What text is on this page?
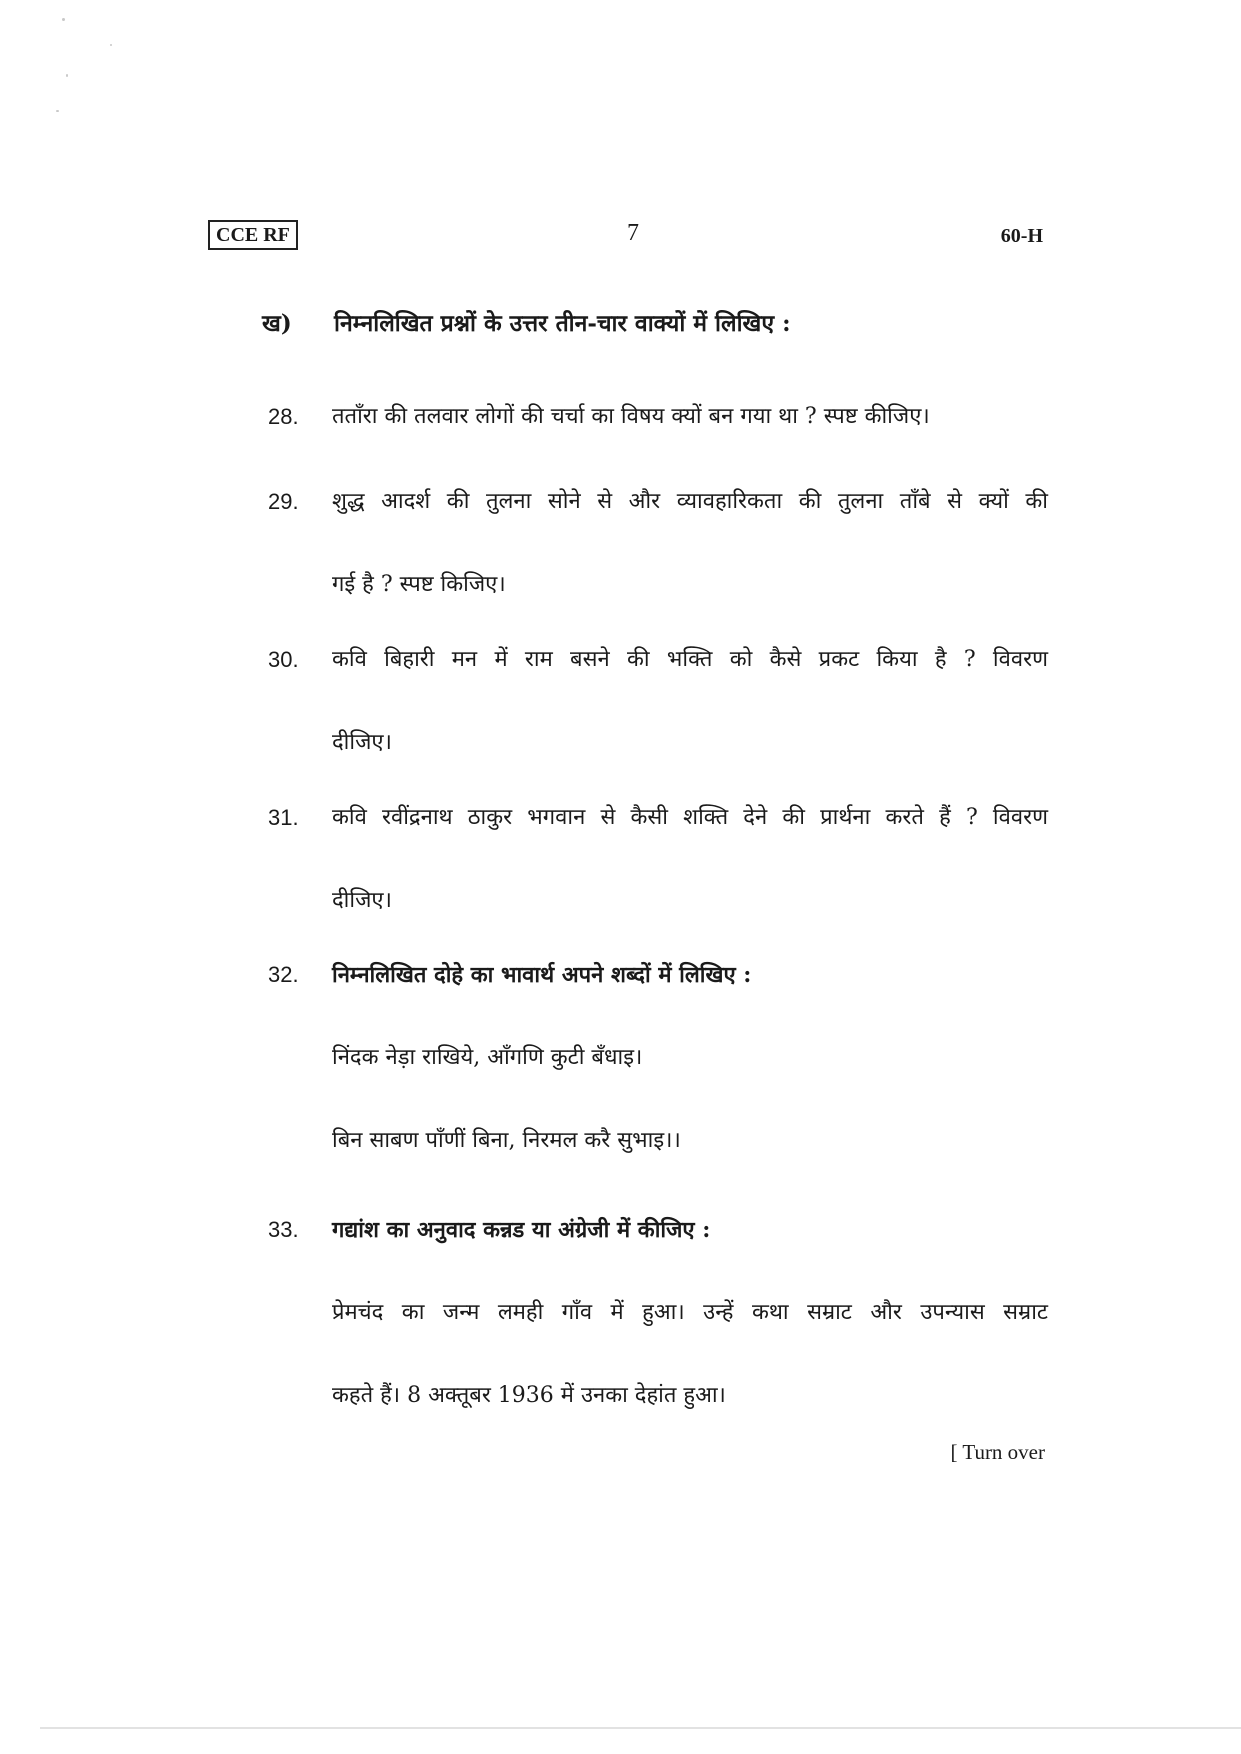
CCE RF	7	60-H
ख) निम्नलिखित प्रश्नों के उत्तर तीन-चार वाक्यों में लिखिए :
28.	तताँरा की तलवार लोगों की चर्चा का विषय क्यों बन गया था ? स्पष्ट कीजिए।
29.	शुद्ध आदर्श की तुलना सोने से और व्यावहारिकता की तुलना ताँबे से क्यों की
गई है ? स्पष्ट किजिए।
30.	कवि बिहारी मन में राम बसने की भक्ति को कैसे प्रकट किया है ? विवरण
दीजिए।
31.	कवि रवींद्रनाथ ठाकुर भगवान से कैसी शक्ति देने की प्रार्थना करते हैं ? विवरण
दीजिए।
32.	निम्नलिखित दोहे का भावार्थ अपने शब्दों में लिखिए :
निंदक नेड़ा राखिये, आँगणि कुटी बँधाइ।
बिन साबण पाँणीं बिना, निरमल करै सुभाइ।।
33.	गद्यांश का अनुवाद कन्नड या अंग्रेजी में कीजिए :
प्रेमचंद का जन्म लमही गाँव में हुआ। उन्हें कथा सम्राट और उपन्यास सम्राट
कहते हैं। 8 अक्तूबर 1936 में उनका देहांत हुआ।
[ Turn over
